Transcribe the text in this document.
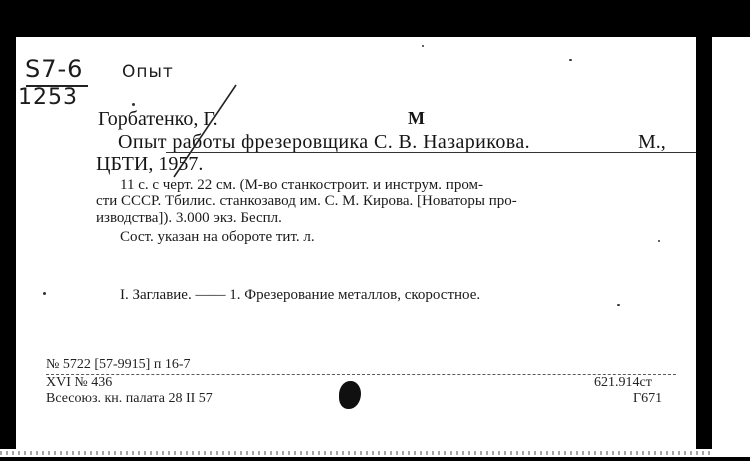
S7-6
1253
Опыт
Горбатенко, Г.	М
Опыт работы фрезеровщика С. В. Назарикова.	М.,
ЦБТИ, 1957.
11 с. с черт. 22 см. (М-во станкострoит. и инструм. пром-
сти СССР. Тбилис. станкозавод им. С. М. Кирова. [Новаторы про-
изводства]). 3.000 экз. Беспл.
Сост. указан на обороте тит. л.
I. Заглавие. —— 1. Фрезерование металлов, скоростное.
№ 5722 [57-9915] п 16-7
XVI № 436
Всесоюз. кн. палата 28 II 57
621.914ст
Г671
